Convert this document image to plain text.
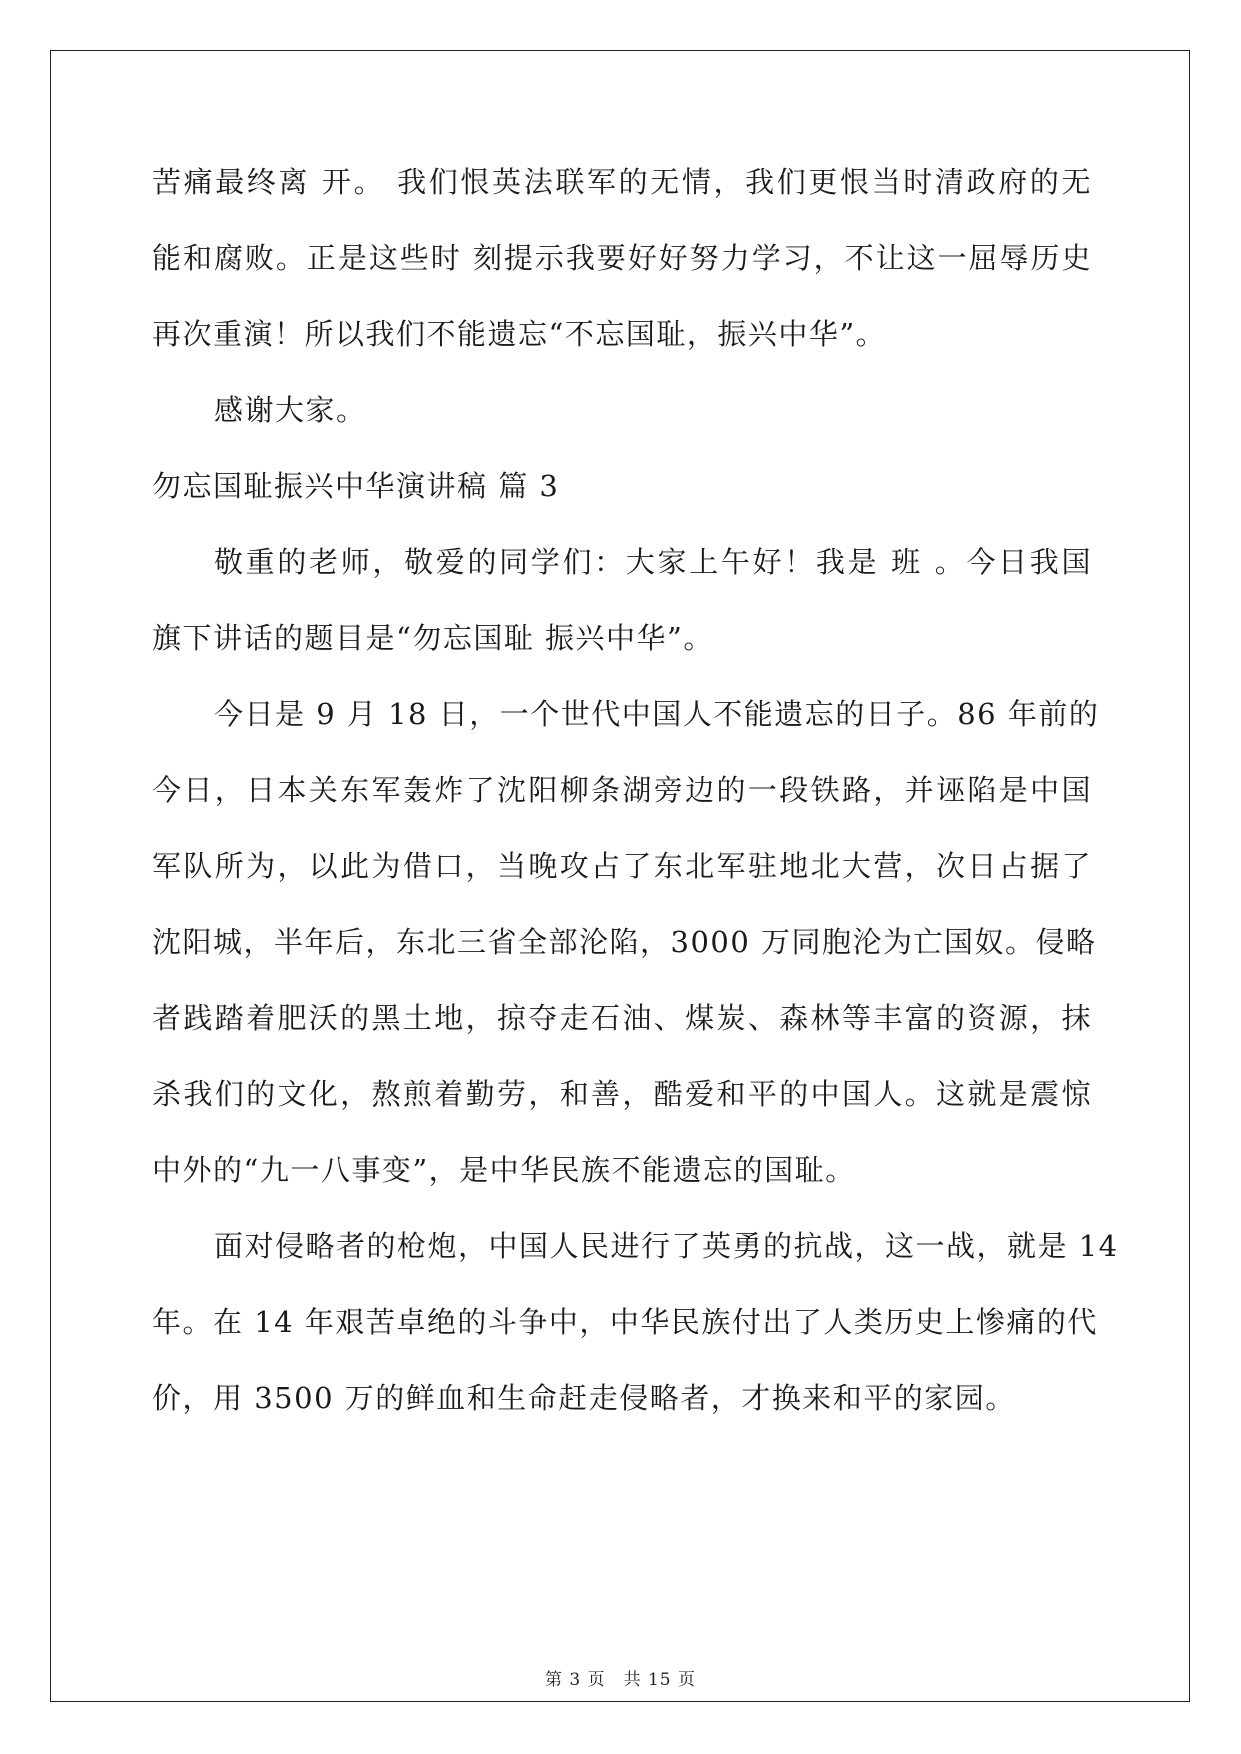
苦痛最终离 开。 我们恨英法联军的无情，我们更恨当时清政府的无
能和腐败。正是这些时 刻提示我要好好努力学习，不让这一屈辱历史
再次重演！所以我们不能遗忘“不忘国耻，振兴中华”。
感谢大家。
勿忘国耻振兴中华演讲稿 篇 3
敬重的老师，敬爱的同学们：大家上午好！我是 班 。今日我国
旗下讲话的题目是“勿忘国耻 振兴中华”。
今日是 9 月 18 日，一个世代中国人不能遗忘的日子。86 年前的
今日，日本关东军轰炸了沈阳柳条湖旁边的一段铁路，并诬陷是中国
军队所为，以此为借口，当晚攻占了东北军驻地北大营，次日占据了
沈阳城，半年后，东北三省全部沦陷，3000 万同胞沦为亡国奴。侵略
者践踏着肥沃的黑土地，掠夺走石油、煤炭、森林等丰富的资源，抹
杀我们的文化，熬煎着勤劳，和善，酷爱和平的中国人。这就是震惊
中外的“九一八事变”，是中华民族不能遗忘的国耻。
面对侵略者的枪炮，中国人民进行了英勇的抗战，这一战，就是 14
年。在 14 年艰苦卓绝的斗争中，中华民族付出了人类历史上惨痛的代
价，用 3500 万的鲜血和生命赶走侵略者，才换来和平的家园。
第 3 页　共 15 页
